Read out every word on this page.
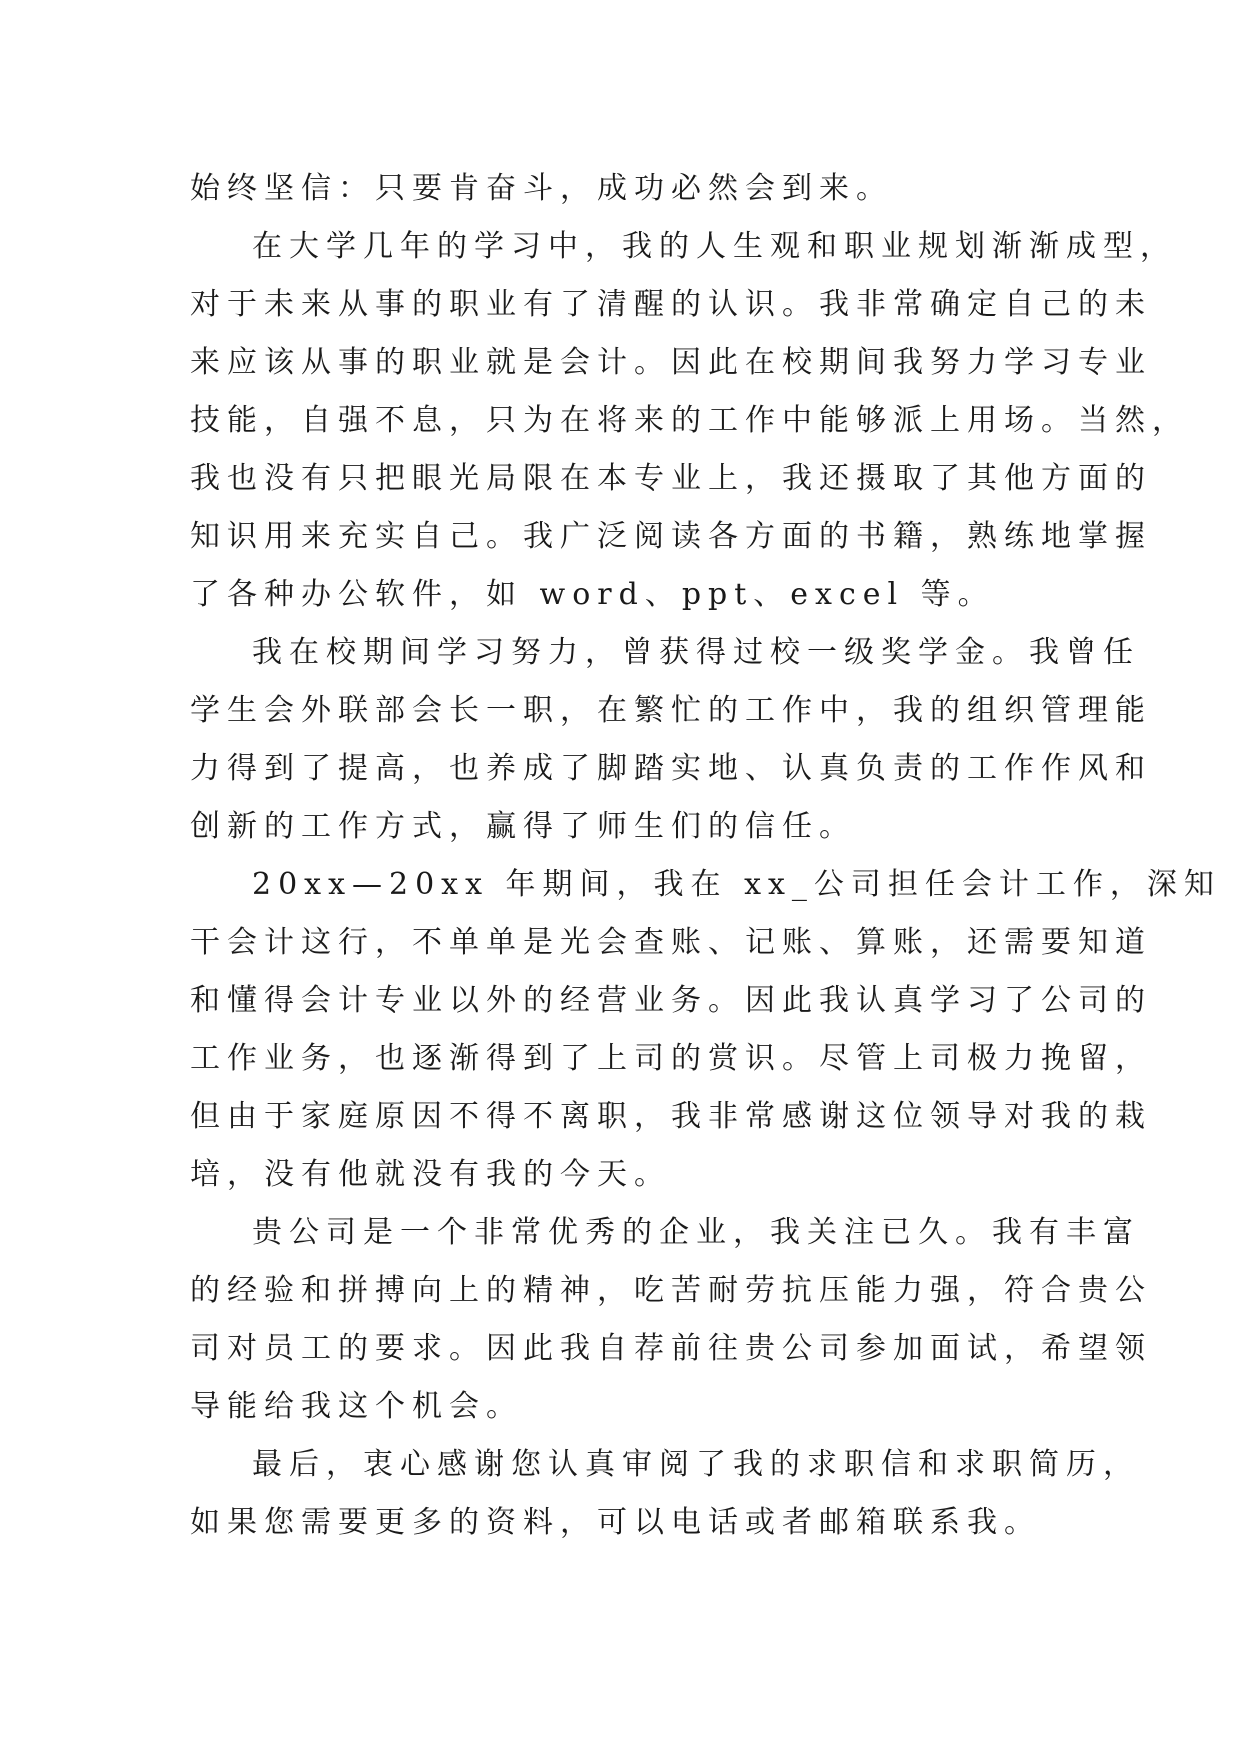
始终坚信：只要肯奋斗，成功必然会到来。
在大学几年的学习中，我的人生观和职业规划渐渐成型，
对于未来从事的职业有了清醒的认识。我非常确定自己的未
来应该从事的职业就是会计。因此在校期间我努力学习专业
技能，自强不息，只为在将来的工作中能够派上用场。当然，
我也没有只把眼光局限在本专业上，我还摄取了其他方面的
知识用来充实自己。我广泛阅读各方面的书籍，熟练地掌握
了各种办公软件，如 word、ppt、excel 等。
我在校期间学习努力，曾获得过校一级奖学金。我曾任
学生会外联部会长一职，在繁忙的工作中，我的组织管理能
力得到了提高，也养成了脚踏实地、认真负责的工作作风和
创新的工作方式，赢得了师生们的信任。
20xx—20xx 年期间，我在 xx_公司担任会计工作，深知
干会计这行，不单单是光会查账、记账、算账，还需要知道
和懂得会计专业以外的经营业务。因此我认真学习了公司的
工作业务，也逐渐得到了上司的赏识。尽管上司极力挽留，
但由于家庭原因不得不离职，我非常感谢这位领导对我的栽
培，没有他就没有我的今天。
贵公司是一个非常优秀的企业，我关注已久。我有丰富
的经验和拼搏向上的精神，吃苦耐劳抗压能力强，符合贵公
司对员工的要求。因此我自荐前往贵公司参加面试，希望领
导能给我这个机会。
最后，衷心感谢您认真审阅了我的求职信和求职简历，
如果您需要更多的资料，可以电话或者邮箱联系我。
